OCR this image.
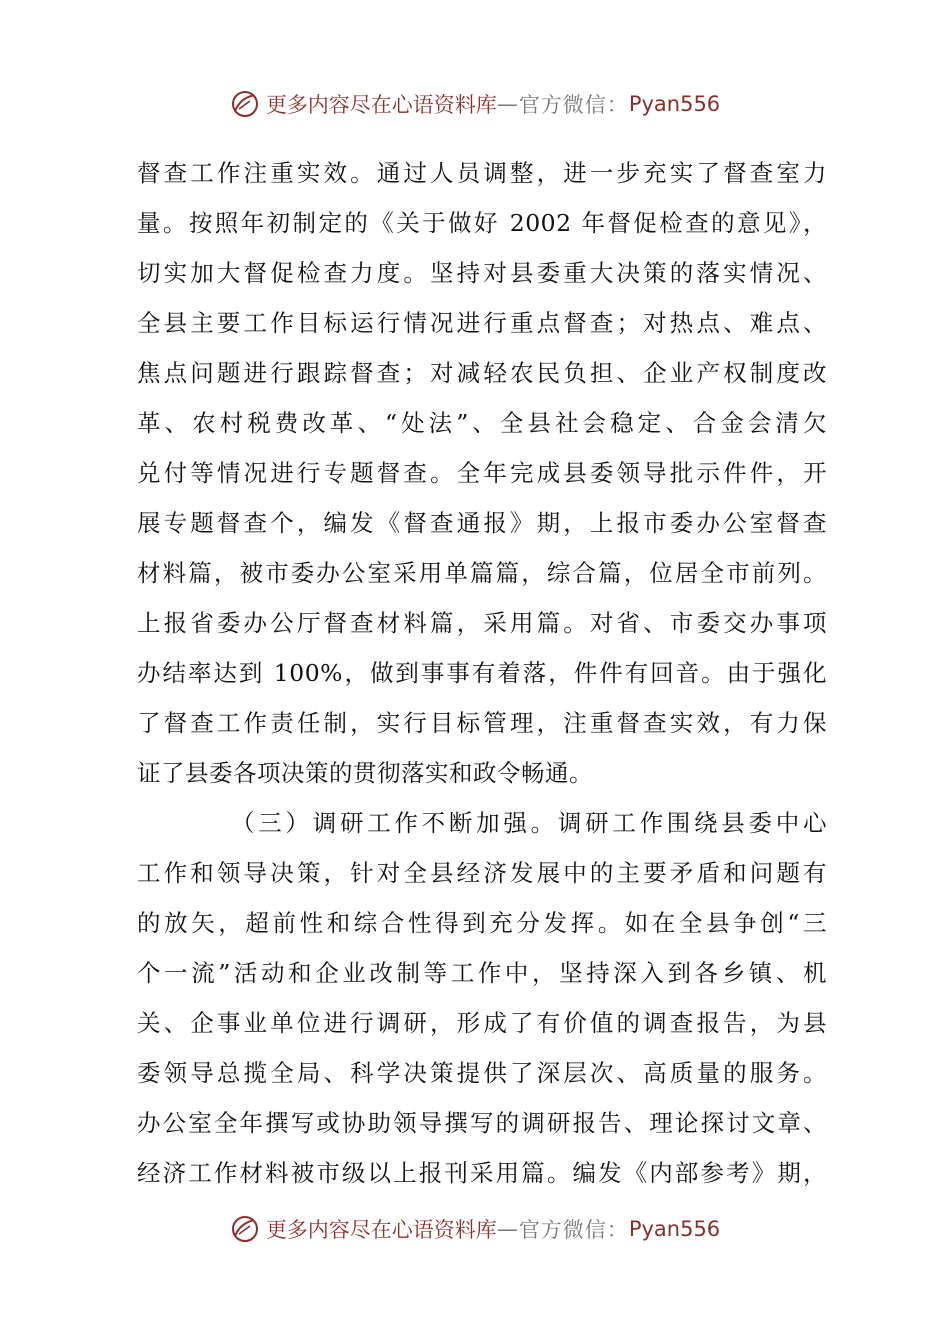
更多内容尽在心语资料库 — 官方微信： Pyan556
督查工作注重实效。通过人员调整，进一步充实了督查室力
量。按照年初制定的《关于做好 2002 年督促检查的意见》，
切实加大督促检查力度。坚持对县委重大决策的落实情况、
全县主要工作目标运行情况进行重点督查；对热点、难点、
焦点问题进行跟踪督查；对减轻农民负担、企业产权制度改
革、农村税费改革、“处法”、全县社会稳定、合金会清欠
兑付等情况进行专题督查。全年完成县委领导批示件件，开
展专题督查个，编发《督查通报》期，上报市委办公室督查
材料篇，被市委办公室采用单篇篇，综合篇，位居全市前列。
上报省委办公厅督查材料篇，采用篇。对省、市委交办事项
办结率达到 100%，做到事事有着落，件件有回音。由于强化
了督查工作责任制，实行目标管理，注重督查实效，有力保
证了县委各项决策的贯彻落实和政令畅通。
（三）调研工作不断加强。调研工作围绕县委中心
工作和领导决策，针对全县经济发展中的主要矛盾和问题有
的放矢，超前性和综合性得到充分发挥。如在全县争创“三
个一流”活动和企业改制等工作中，坚持深入到各乡镇、机
关、企事业单位进行调研，形成了有价值的调查报告，为县
委领导总揽全局、科学决策提供了深层次、高质量的服务。
办公室全年撰写或协助领导撰写的调研报告、理论探讨文章、
经济工作材料被市级以上报刊采用篇。编发《内部参考》期，
更多内容尽在心语资料库 — 官方微信： Pyan556
